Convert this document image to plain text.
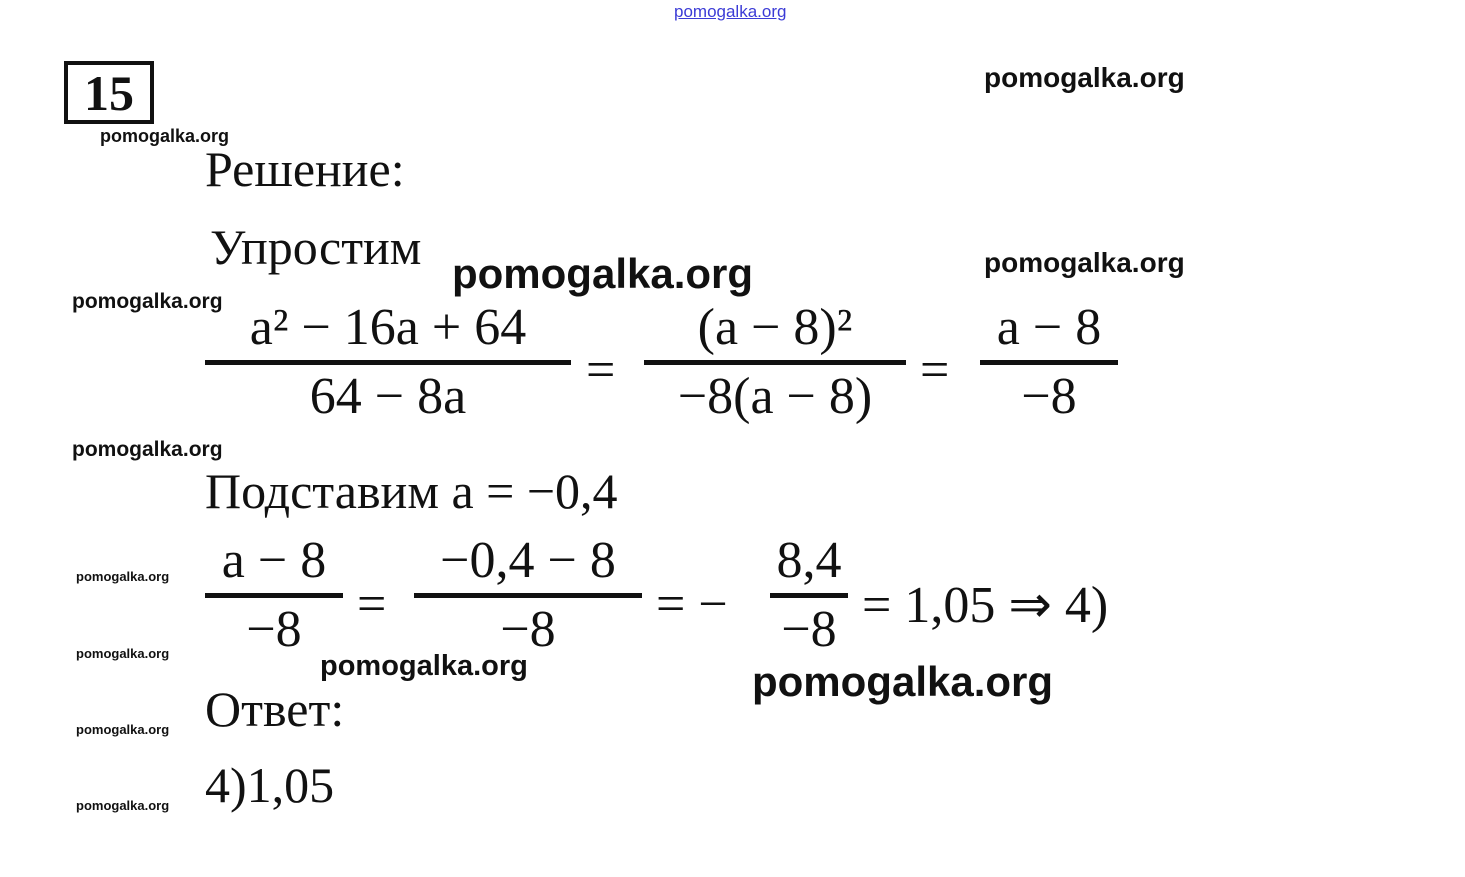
pomogalka.org
pomogalka.org
pomogalka.org
pomogalka.org	pomogalka.org
pomogalka.org
pomogalka.org
pomogalka.org
pomogalka.org
pomogalka.org
pomogalka.org
pomogalka.org	pomogalka.org
15
Решение:
Упростим
a² − 16a + 64
64 − 8a =
(a − 8)²
−8(a − 8) =
a − 8
−8
Подставим a = −0,4
a − 8
−8 =
−0,4 − 8
−8 = −
8,4
−8 = 1,05 ⇒ 4)
Ответ:
4)1,05
